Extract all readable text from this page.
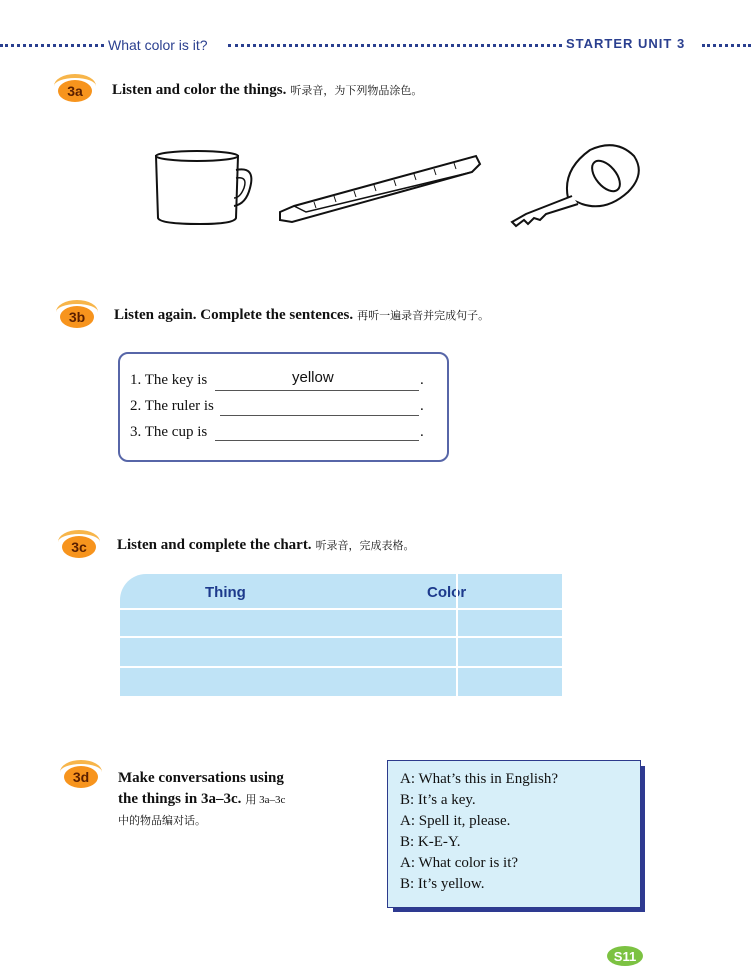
What color is it?	STARTER UNIT 3
3a	Listen and color the things. 听录音，为下列物品涂色。
3b	Listen again. Complete the sentences. 再听一遍录音并完成句子。
1. The key is	yellow	.
2. The ruler is	.
3. The cup is	.
3c	Listen and complete the chart. 听录音，完成表格。
Thing	Color
3d	Make conversations using
the things in 3a–3c. 用 3a–3c
中的物品编对话。
A: What’s this in English?
B: It’s a key.
A: Spell it, please.
B: K-E-Y.
A: What color is it?
B: It’s yellow.
S11
